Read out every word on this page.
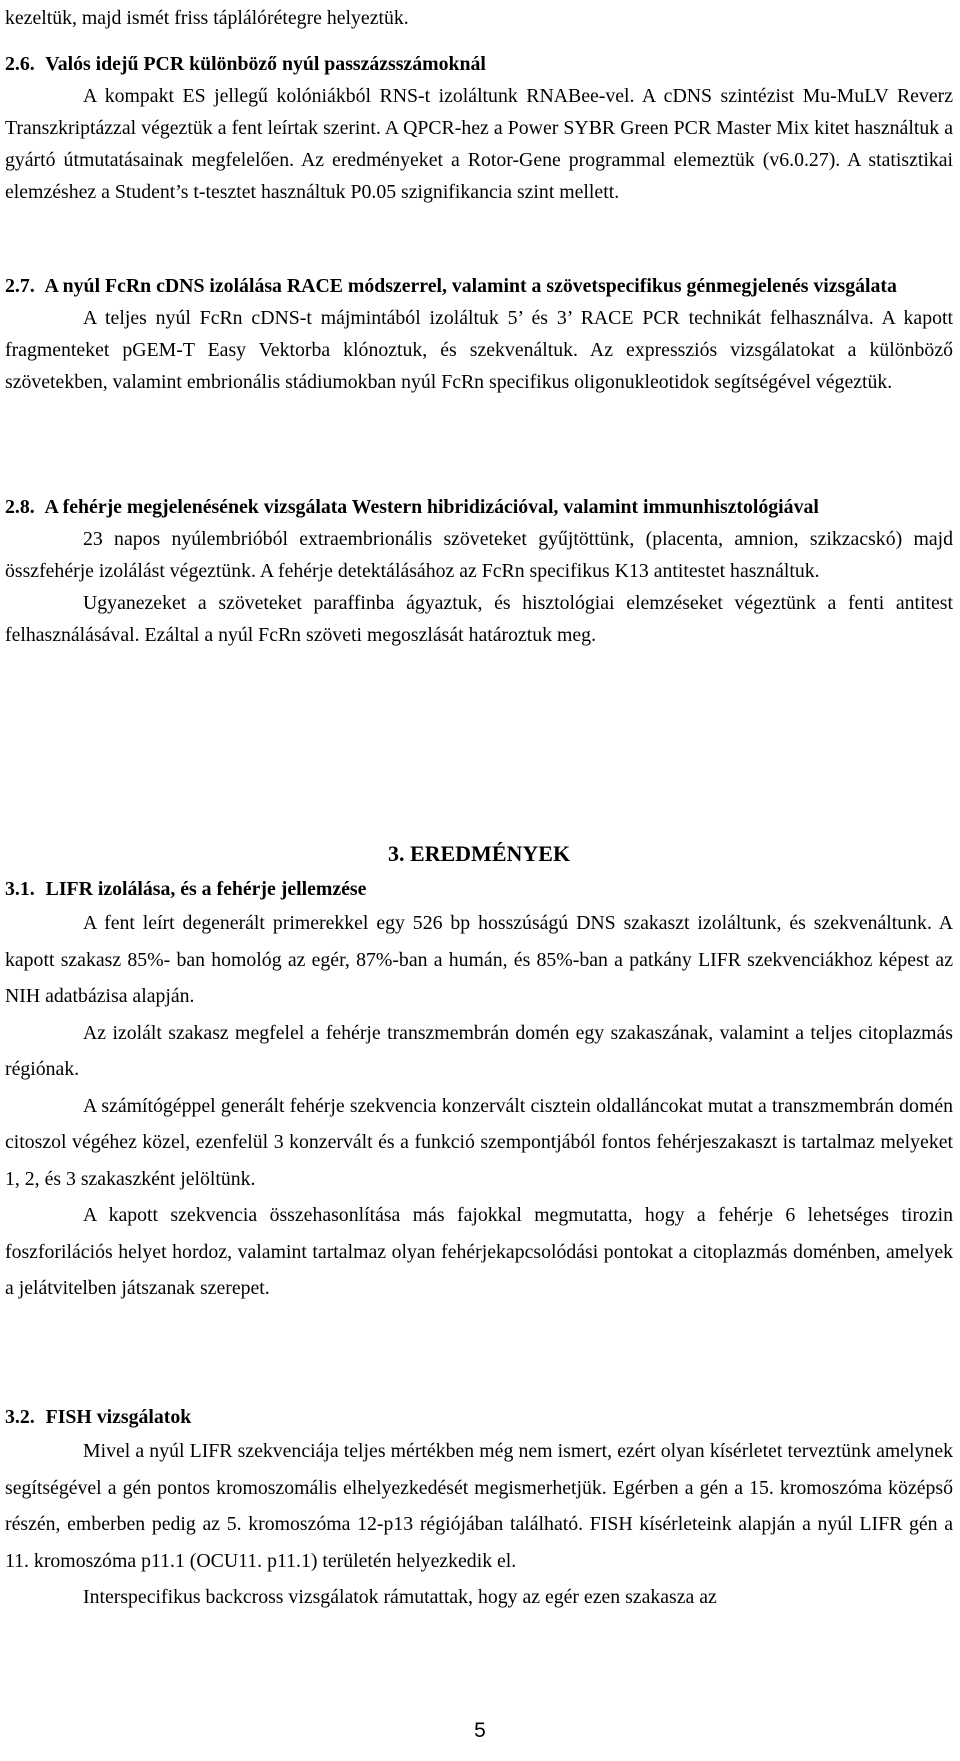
kezeltük, majd ismét friss táplálórétegre helyeztük.

2.6. Valós idejű PCR különböző nyúl passzázsszámoknál

A kompakt ES jellegű kolóniákból RNS-t izoláltunk RNABee-vel. A cDNS szintézist Mu-MuLV Reverz Transzkriptázzal végeztük a fent leírtak szerint. A QPCR-hez a Power SYBR Green PCR Master Mix kitet használtuk a gyártó útmutatásainak megfelelően. Az eredményeket a Rotor-Gene programmal elemeztük (v6.0.27). A statisztikai elemzéshez a Student’s t-tesztet használtuk P0.05 szignifikancia szint mellett.

2.7. A nyúl FcRn cDNS izolálása RACE módszerrel, valamint a szövetspecifikus génmegjelenés vizsgálata

A teljes nyúl FcRn cDNS-t májmintából izoláltuk 5’ és 3’ RACE PCR technikát felhasználva. A kapott fragmenteket pGEM-T Easy Vektorba klónoztuk, és szekvenáltuk. Az expressziós vizsgálatokat a különböző szövetekben, valamint embrionális stádiumokban nyúl FcRn specifikus oligonukleotidok segítségével végeztük.

2.8. A fehérje megjelenésének vizsgálata Western hibridizációval, valamint immunhisztológiával

23 napos nyúlembrióból extraembrionális szöveteket gyűjtöttünk, (placenta, amnion, szikzacskó) majd összfehérje izolálást végeztünk. A fehérje detektálásához az FcRn specifikus K13 antitestet használtuk.

Ugyanezeket a szöveteket paraffinba ágyaztuk, és hisztológiai elemzéseket végeztünk a fenti antitest felhasználásával. Ezáltal a nyúl FcRn szöveti megoszlását határoztuk meg.

3. EREDMÉNYEK

3.1. LIFR izolálása, és a fehérje jellemzése

A fent leírt degenerált primerekkel egy 526 bp hosszúságú DNS szakaszt izoláltunk, és szekvenáltunk. A kapott szakasz 85%- ban homológ az egér, 87%-ban a humán, és 85%-ban a patkány LIFR szekvenciákhoz képest az NIH adatbázisa alapján.

Az izolált szakasz megfelel a fehérje transzmembrán domén egy szakaszának, valamint a teljes citoplazmás régiónak.

A számítógéppel generált fehérje szekvencia konzervált cisztein oldalláncokat mutat a transzmembrán domén citoszol végéhez közel, ezenfelül 3 konzervált és a funkció szempontjából fontos fehérjeszakaszt is tartalmaz melyeket 1, 2, és 3 szakaszként jelöltünk.

A kapott szekvencia összehasonlítása más fajokkal megmutatta, hogy a fehérje 6 lehetséges tirozin foszforilációs helyet hordoz, valamint tartalmaz olyan fehérjekapcsolódási pontokat a citoplazmás doménben, amelyek a jelátvitelben játszanak szerepet.

3.2. FISH vizsgálatok

Mivel a nyúl LIFR szekvenciája teljes mértékben még nem ismert, ezért olyan kísérletet terveztünk amelynek segítségével a gén pontos kromoszomális elhelyezkedését megismerhetjük. Egérben a gén a 15. kromoszóma középső részén, emberben pedig az 5. kromoszóma 12-p13 régiójában található. FISH kísérleteink alapján a nyúl LIFR gén a 11. kromoszóma p11.1 (OCU11. p11.1) területén helyezkedik el.

Interspecifikus backcross vizsgálatok rámutattak, hogy az egér ezen szakasza az

5
